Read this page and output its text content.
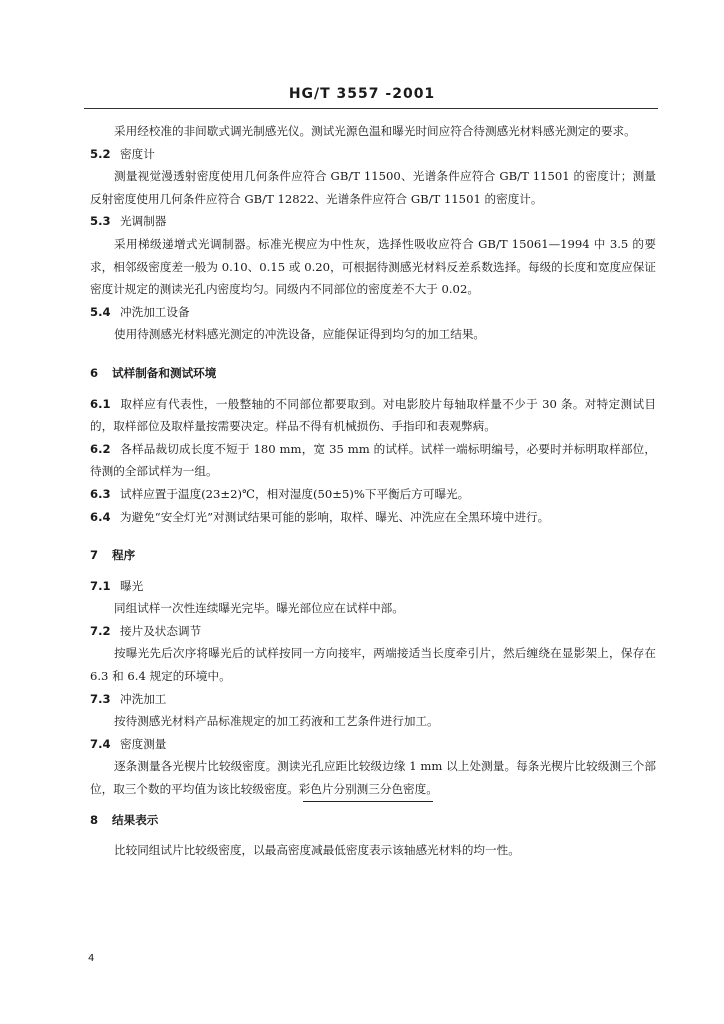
HG/T 3557 -2001

采用经校准的非间歇式调光制感光仪。测试光源色温和曝光时间应符合待测感光材料感光测定的要求。

5.2 密度计

测量视觉漫透射密度使用几何条件应符合 GB/T 11500、光谱条件应符合 GB/T 11501 的密度计；测量反射密度使用几何条件应符合 GB/T 12822、光谱条件应符合 GB/T 11501 的密度计。

5.3 光调制器

采用梯级递增式光调制器。标准光楔应为中性灰，选择性吸收应符合 GB/T 15061—1994 中 3.5 的要求，相邻级密度差一般为 0.10、0.15 或 0.20，可根据待测感光材料反差系数选择。每级的长度和宽度应保证密度计规定的测读光孔内密度均匀。同级内不同部位的密度差不大于 0.02。

5.4 冲洗加工设备

使用待测感光材料感光测定的冲洗设备，应能保证得到均匀的加工结果。

6 试样制备和测试环境

6.1 取样应有代表性，一般整轴的不同部位都要取到。对电影胶片每轴取样量不少于 30 条。对特定测试目的，取样部位及取样量按需要决定。样品不得有机械损伤、手指印和表观弊病。

6.2 各样品裁切成长度不短于 180 mm，宽 35 mm 的试样。试样一端标明编号，必要时并标明取样部位，待测的全部试样为一组。

6.3 试样应置于温度(23±2)℃，相对湿度(50±5)%下平衡后方可曝光。

6.4 为避免“安全灯光”对测试结果可能的影响，取样、曝光、冲洗应在全黑环境中进行。

7 程序
7.1 曝光

同组试样一次性连续曝光完毕。曝光部位应在试样中部。

7.2 接片及状态调节

按曝光先后次序将曝光后的试样按同一方向接牢，两端接适当长度牵引片，然后缠绕在显影架上，保存在 6.3 和 6.4 规定的环境中。

7.3 冲洗加工

按待测感光材料产品标准规定的加工药液和工艺条件进行加工。

7.4 密度测量

逐条测量各光楔片比较级密度。测读光孔应距比较级边缘 1 mm 以上处测量。每条光楔片比较级测三个部位，取三个数的平均值为该比较级密度。彩色片分别测三分色密度。

8 结果表示

比较同组试片比较级密度，以最高密度减最低密度表示该轴感光材料的均一性。

4
